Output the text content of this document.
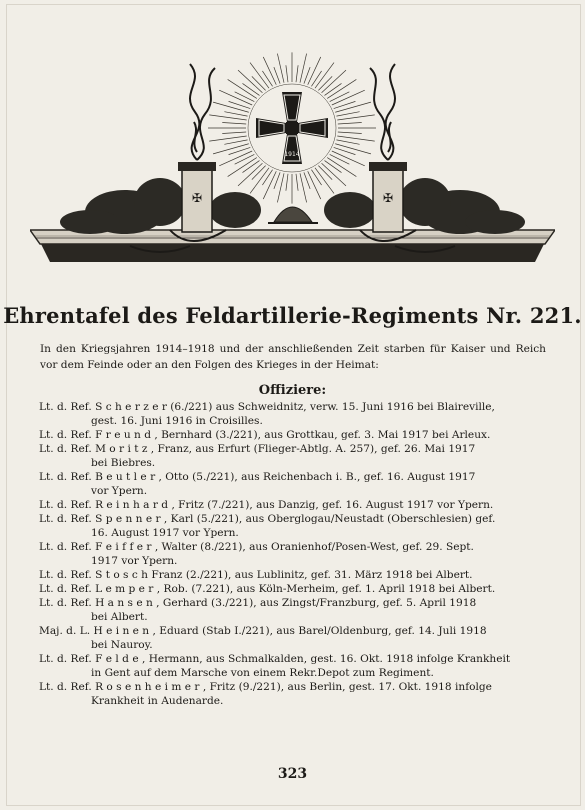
1914
✠	✠
Ehrentafel des Feldartillerie-Regiments Nr. 221.
In den Kriegsjahren 1914–1918 und der anschließenden Zeit starben für Kaiser und Reich vor dem Feinde oder an den Folgen des Krieges in der Heimat:
Offiziere:
Lt. d. Ref. S c h e r z e r (6./221) aus Schweidnitz, verw. 15. Juni 1916 bei Blaireville,
gest. 16. Juni 1916 in Croisilles.
Lt. d. Ref. F r e u n d , Bernhard (3./221), aus Grottkau, gef. 3. Mai 1917 bei Arleux.
Lt. d. Ref. M o r i t z , Franz, aus Erfurt (Flieger-Abtlg. A. 257), gef. 26. Mai 1917
bei Biebres.
Lt. d. Ref. B e u t l e r , Otto (5./221), aus Reichenbach i. B., gef. 16. August 1917
vor Ypern.
Lt. d. Ref. R e i n h a r d , Fritz (7./221), aus Danzig, gef. 16. August 1917 vor Ypern.
Lt. d. Ref. S p e n n e r , Karl (5./221), aus Oberglogau/Neustadt (Oberschlesien) gef.
16. August 1917 vor Ypern.
Lt. d. Ref. F e i f f e r , Walter (8./221), aus Oranienhof/Posen-West, gef. 29. Sept.
1917 vor Ypern.
Lt. d. Ref. S t o s c h Franz (2./221), aus Lublinitz, gef. 31. März 1918 bei Albert.
Lt. d. Ref. L e m p e r , Rob. (7.221), aus Köln-Merheim, gef. 1. April 1918 bei Albert.
Lt. d. Ref. H a n s e n , Gerhard (3./221), aus Zingst/Franzburg, gef. 5. April 1918
bei Albert.
Maj. d. L. H e i n e n , Eduard (Stab I./221), aus Barel/Oldenburg, gef. 14. Juli 1918
bei Nauroy.
Lt. d. Ref. F e l d e , Hermann, aus Schmalkalden, gest. 16. Okt. 1918 infolge Krankheit
in Gent auf dem Marsche von einem Rekr.Depot zum Regiment.
Lt. d. Ref. R o s e n h e i m e r , Fritz (9./221), aus Berlin, gest. 17. Okt. 1918 infolge
Krankheit in Audenarde.
323
